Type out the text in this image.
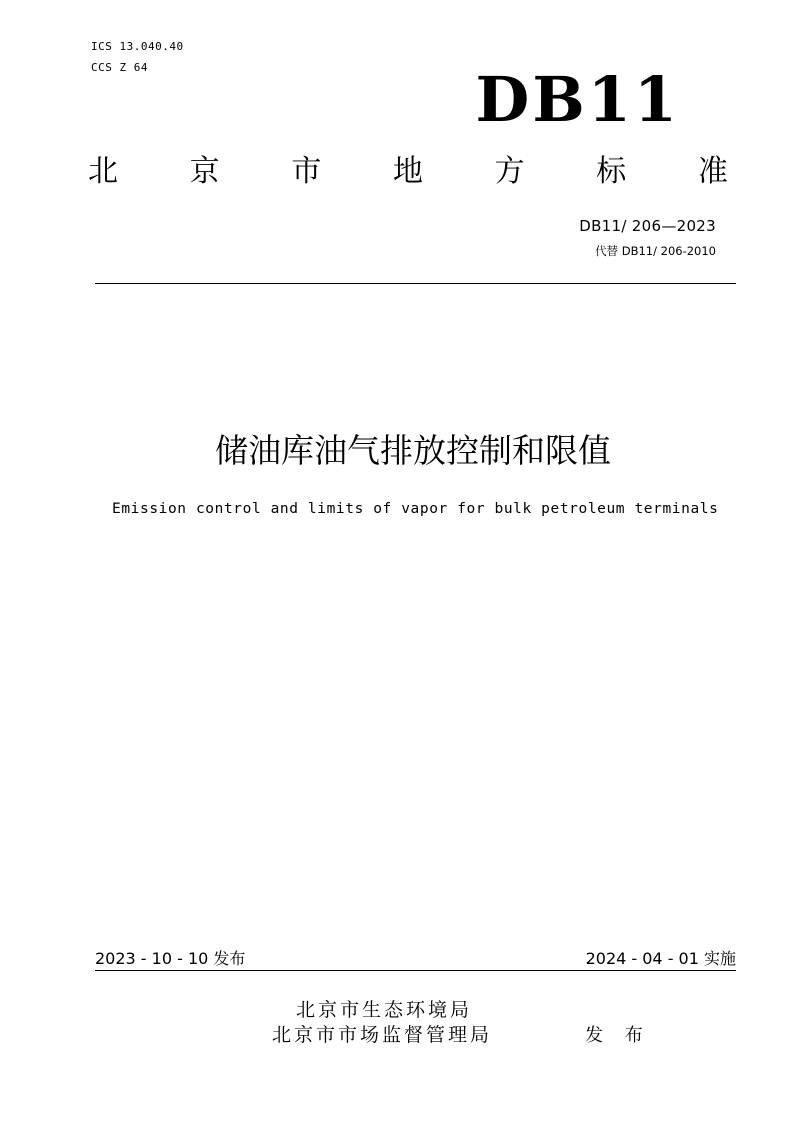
ICS 13.040.40
CCS Z 64	DB11
北 京 市 地 方 标 准
DB11/ 206—2023
代替 DB11/ 206-2010
储油库油气排放控制和限值
Emission control and limits of vapor for bulk petroleum terminals
2023 - 10 - 10 发布	2024 - 04 - 01 实施
北京市生态环境局
北京市市场监督管理局	发 布
